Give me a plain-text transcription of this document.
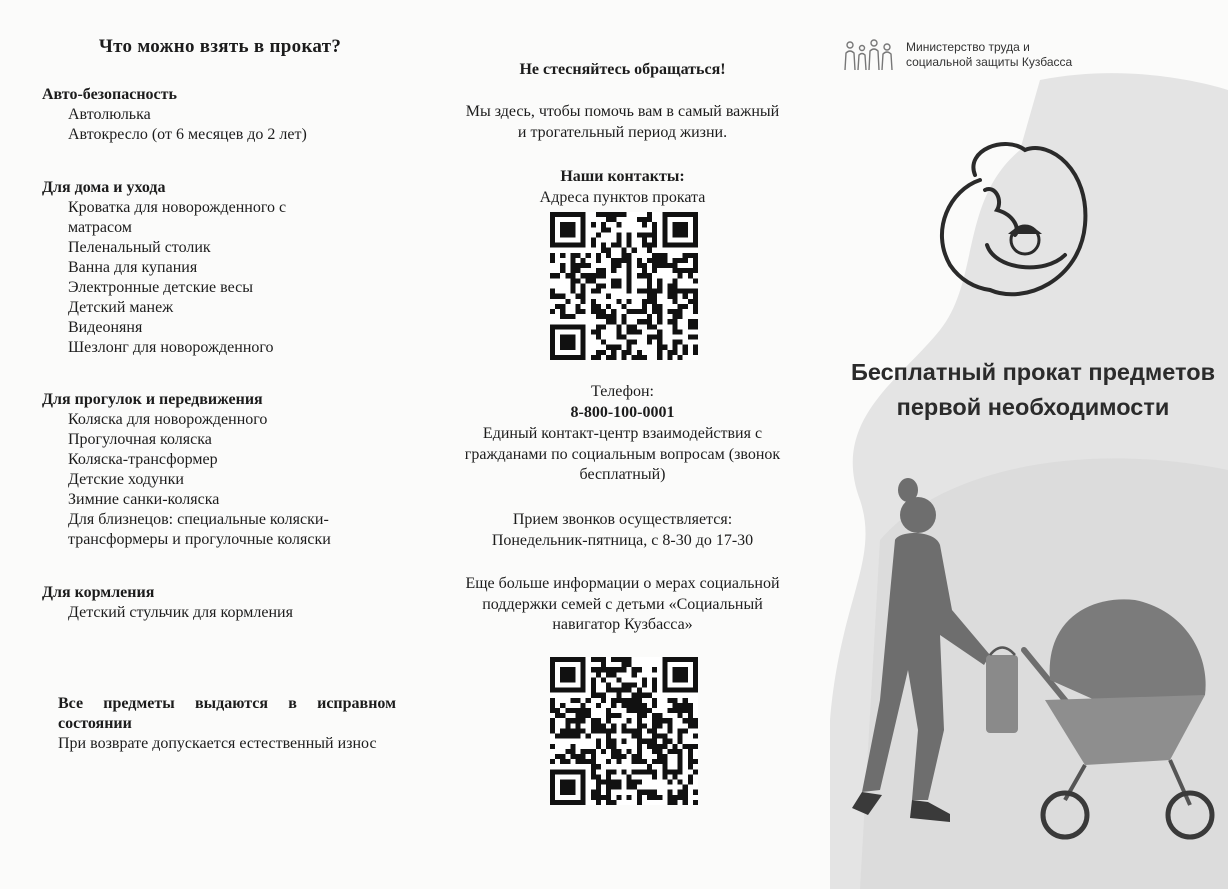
Что можно взять в прокат?
Авто-безопасность
Автолюлька
Автокресло (от 6 месяцев до 2 лет)
Для дома и ухода
Кроватка для новорожденного с матрасом
Пеленальный столик
Ванна для купания
Электронные детские весы
Детский манеж
Видеоняня
Шезлонг для новорожденного
Для прогулок и передвижения
Коляска для новорожденного
Прогулочная коляска
Коляска-трансформер
Детские ходунки
Зимние санки-коляска
Для близнецов: специальные коляски-трансформеры и прогулочные коляски
Для кормления
Детский стульчик для кормления
Все предметы выдаются в исправном состоянии
При возврате допускается естественный износ
Не стесняйтесь обращаться!
Мы здесь, чтобы помочь вам в самый важный и трогательный период жизни.
Наши контакты:
Адреса пунктов проката
Телефон:
8-800-100-0001
Единый контакт-центр взаимодействия с гражданами по социальным вопросам (звонок бесплатный)
Прием звонков осуществляется:
Понедельник-пятница, с 8-30 до 17-30
Еще больше информации о мерах социальной поддержки семей с детьми «Социальный навигатор Кузбасса»
Министерство труда и
социальной защиты Кузбасса
Бесплатный прокат предметов первой необходимости
